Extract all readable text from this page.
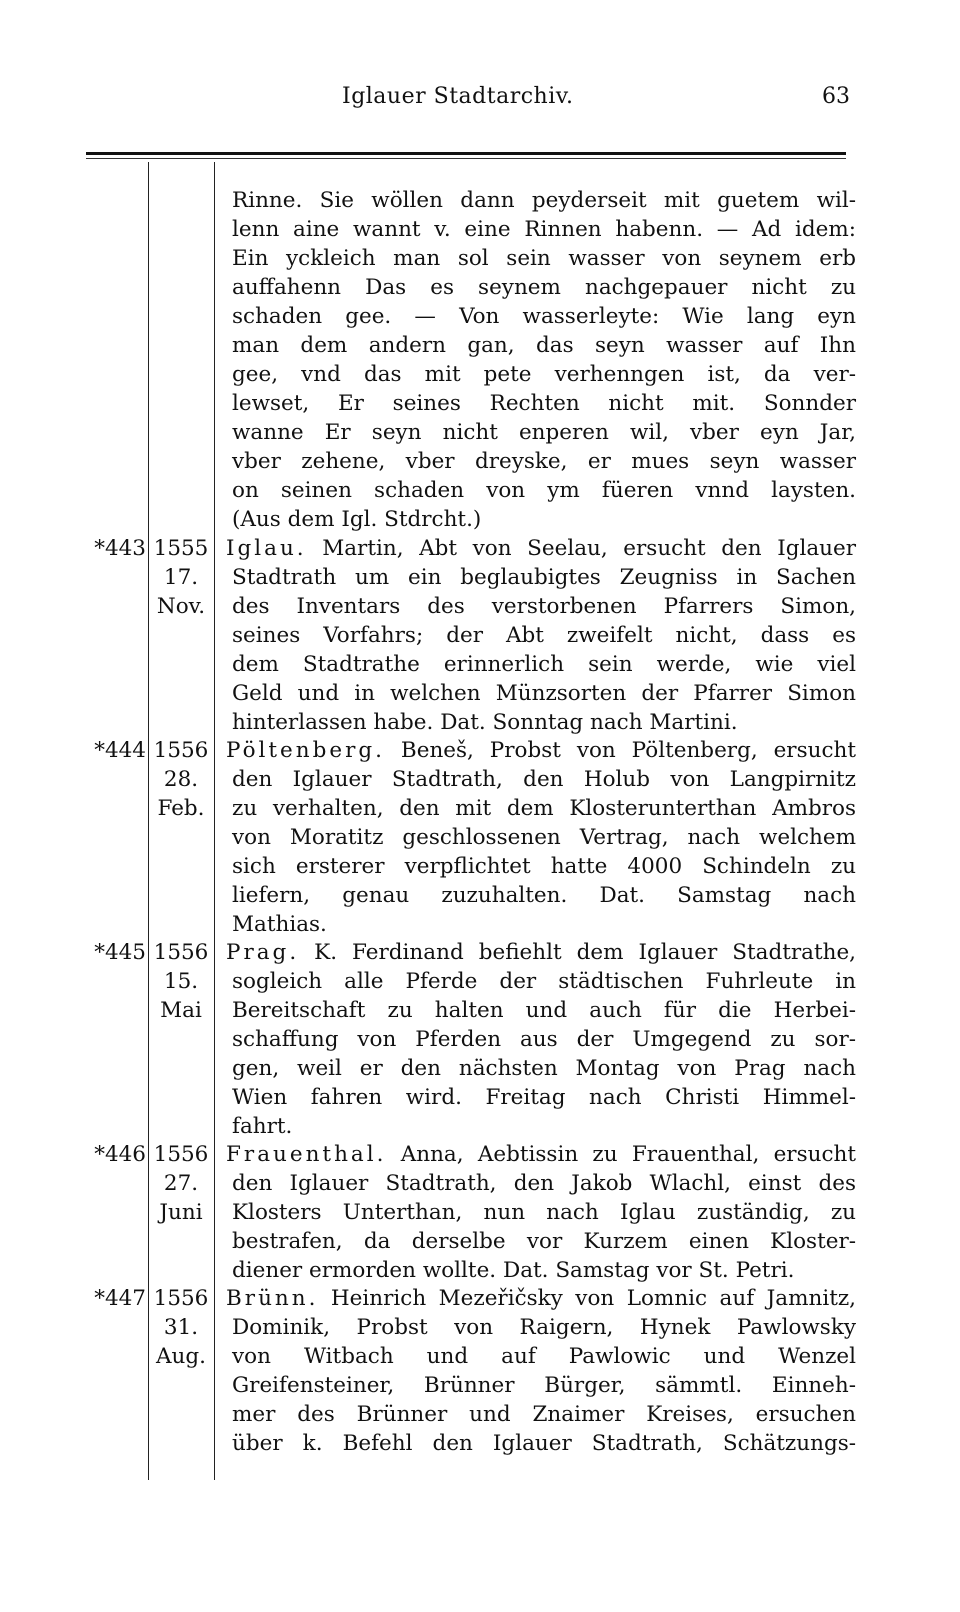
Iglauer Stadtarchiv.	63
Rinne. Sie wöllen dann peyderseit mit guetem wil-
lenn aine wannt v. eine Rinnen habenn. — Ad idem:
Ein yckleich man sol sein wasser von seynem erb
auffahenn Das es seynem nachgepauer nicht zu
schaden gee. — Von wasserleyte: Wie lang eyn
man dem andern gan, das seyn wasser auf Ihn
gee, vnd das mit pete verhenngen ist, da ver-
lewset, Er seines Rechten nicht mit. Sonnder
wanne Er seyn nicht enperen wil, vber eyn Jar,
vber zehene, vber dreyske, er mues seyn wasser
on seinen schaden von ym füeren vnnd laysten.
(Aus dem Igl. Stdrcht.)
*443 1555
17.
Nov.
Iglau. Martin, Abt von Seelau, ersucht den Iglauer
Stadtrath um ein beglaubigtes Zeugniss in Sachen
des Inventars des verstorbenen Pfarrers Simon,
seines Vorfahrs; der Abt zweifelt nicht, dass es
dem Stadtrathe erinnerlich sein werde, wie viel
Geld und in welchen Münzsorten der Pfarrer Simon
hinterlassen habe. Dat. Sonntag nach Martini.
*444 1556
28.
Feb.
Pöltenberg. Beneš, Probst von Pöltenberg, ersucht
den Iglauer Stadtrath, den Holub von Langpirnitz
zu verhalten, den mit dem Klosterunterthan Ambros
von Moratitz geschlossenen Vertrag, nach welchem
sich ersterer verpflichtet hatte 4000 Schindeln zu
liefern, genau zuzuhalten. Dat. Samstag nach
Mathias.
*445 1556
15.
Mai
Prag. K. Ferdinand befiehlt dem Iglauer Stadtrathe,
sogleich alle Pferde der städtischen Fuhrleute in
Bereitschaft zu halten und auch für die Herbei-
schaffung von Pferden aus der Umgegend zu sor-
gen, weil er den nächsten Montag von Prag nach
Wien fahren wird. Freitag nach Christi Himmel-
fahrt.
*446 1556
27.
Juni
Frauenthal. Anna, Aebtissin zu Frauenthal, ersucht
den Iglauer Stadtrath, den Jakob Wlachl, einst des
Klosters Unterthan, nun nach Iglau zuständig, zu
bestrafen, da derselbe vor Kurzem einen Kloster-
diener ermorden wollte. Dat. Samstag vor St. Petri.
*447 1556
31.
Aug.
Brünn. Heinrich Mezeřičsky von Lomnic auf Jamnitz,
Dominik, Probst von Raigern, Hynek Pawlowsky
von Witbach und auf Pawlowic und Wenzel
Greifensteiner, Brünner Bürger, sämmtl. Einneh-
mer des Brünner und Znaimer Kreises, ersuchen
über k. Befehl den Iglauer Stadtrath, Schätzungs-
